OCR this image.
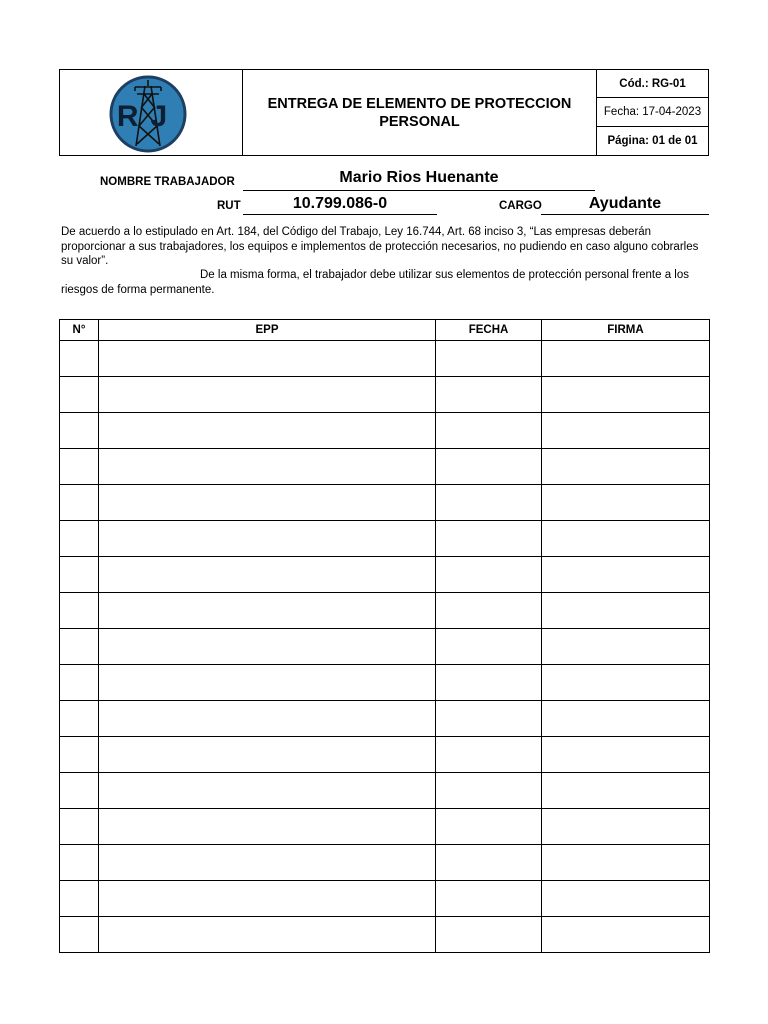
RJ	ENTREGA DE ELEMENTO DE PROTECCION PERSONAL
Cód.: RG-01
Fecha: 17-04-2023
Página: 01 de 01
NOMBRE TRABAJADOR	Mario Rios Huenante
RUT	10.799.086-0	CARGO	Ayudante

De acuerdo a lo estipulado en Art. 184, del Código del Trabajo, Ley 16.744, Art. 68 inciso 3, “Las empresas deberán proporcionar a sus trabajadores, los equipos e implementos de protección necesarios, no pudiendo en caso alguno cobrarles su valor”.

De la misma forma, el trabajador debe utilizar sus elementos de protección personal frente a los riesgos de forma permanente.

N°	EPP	FECHA	FIRMA
